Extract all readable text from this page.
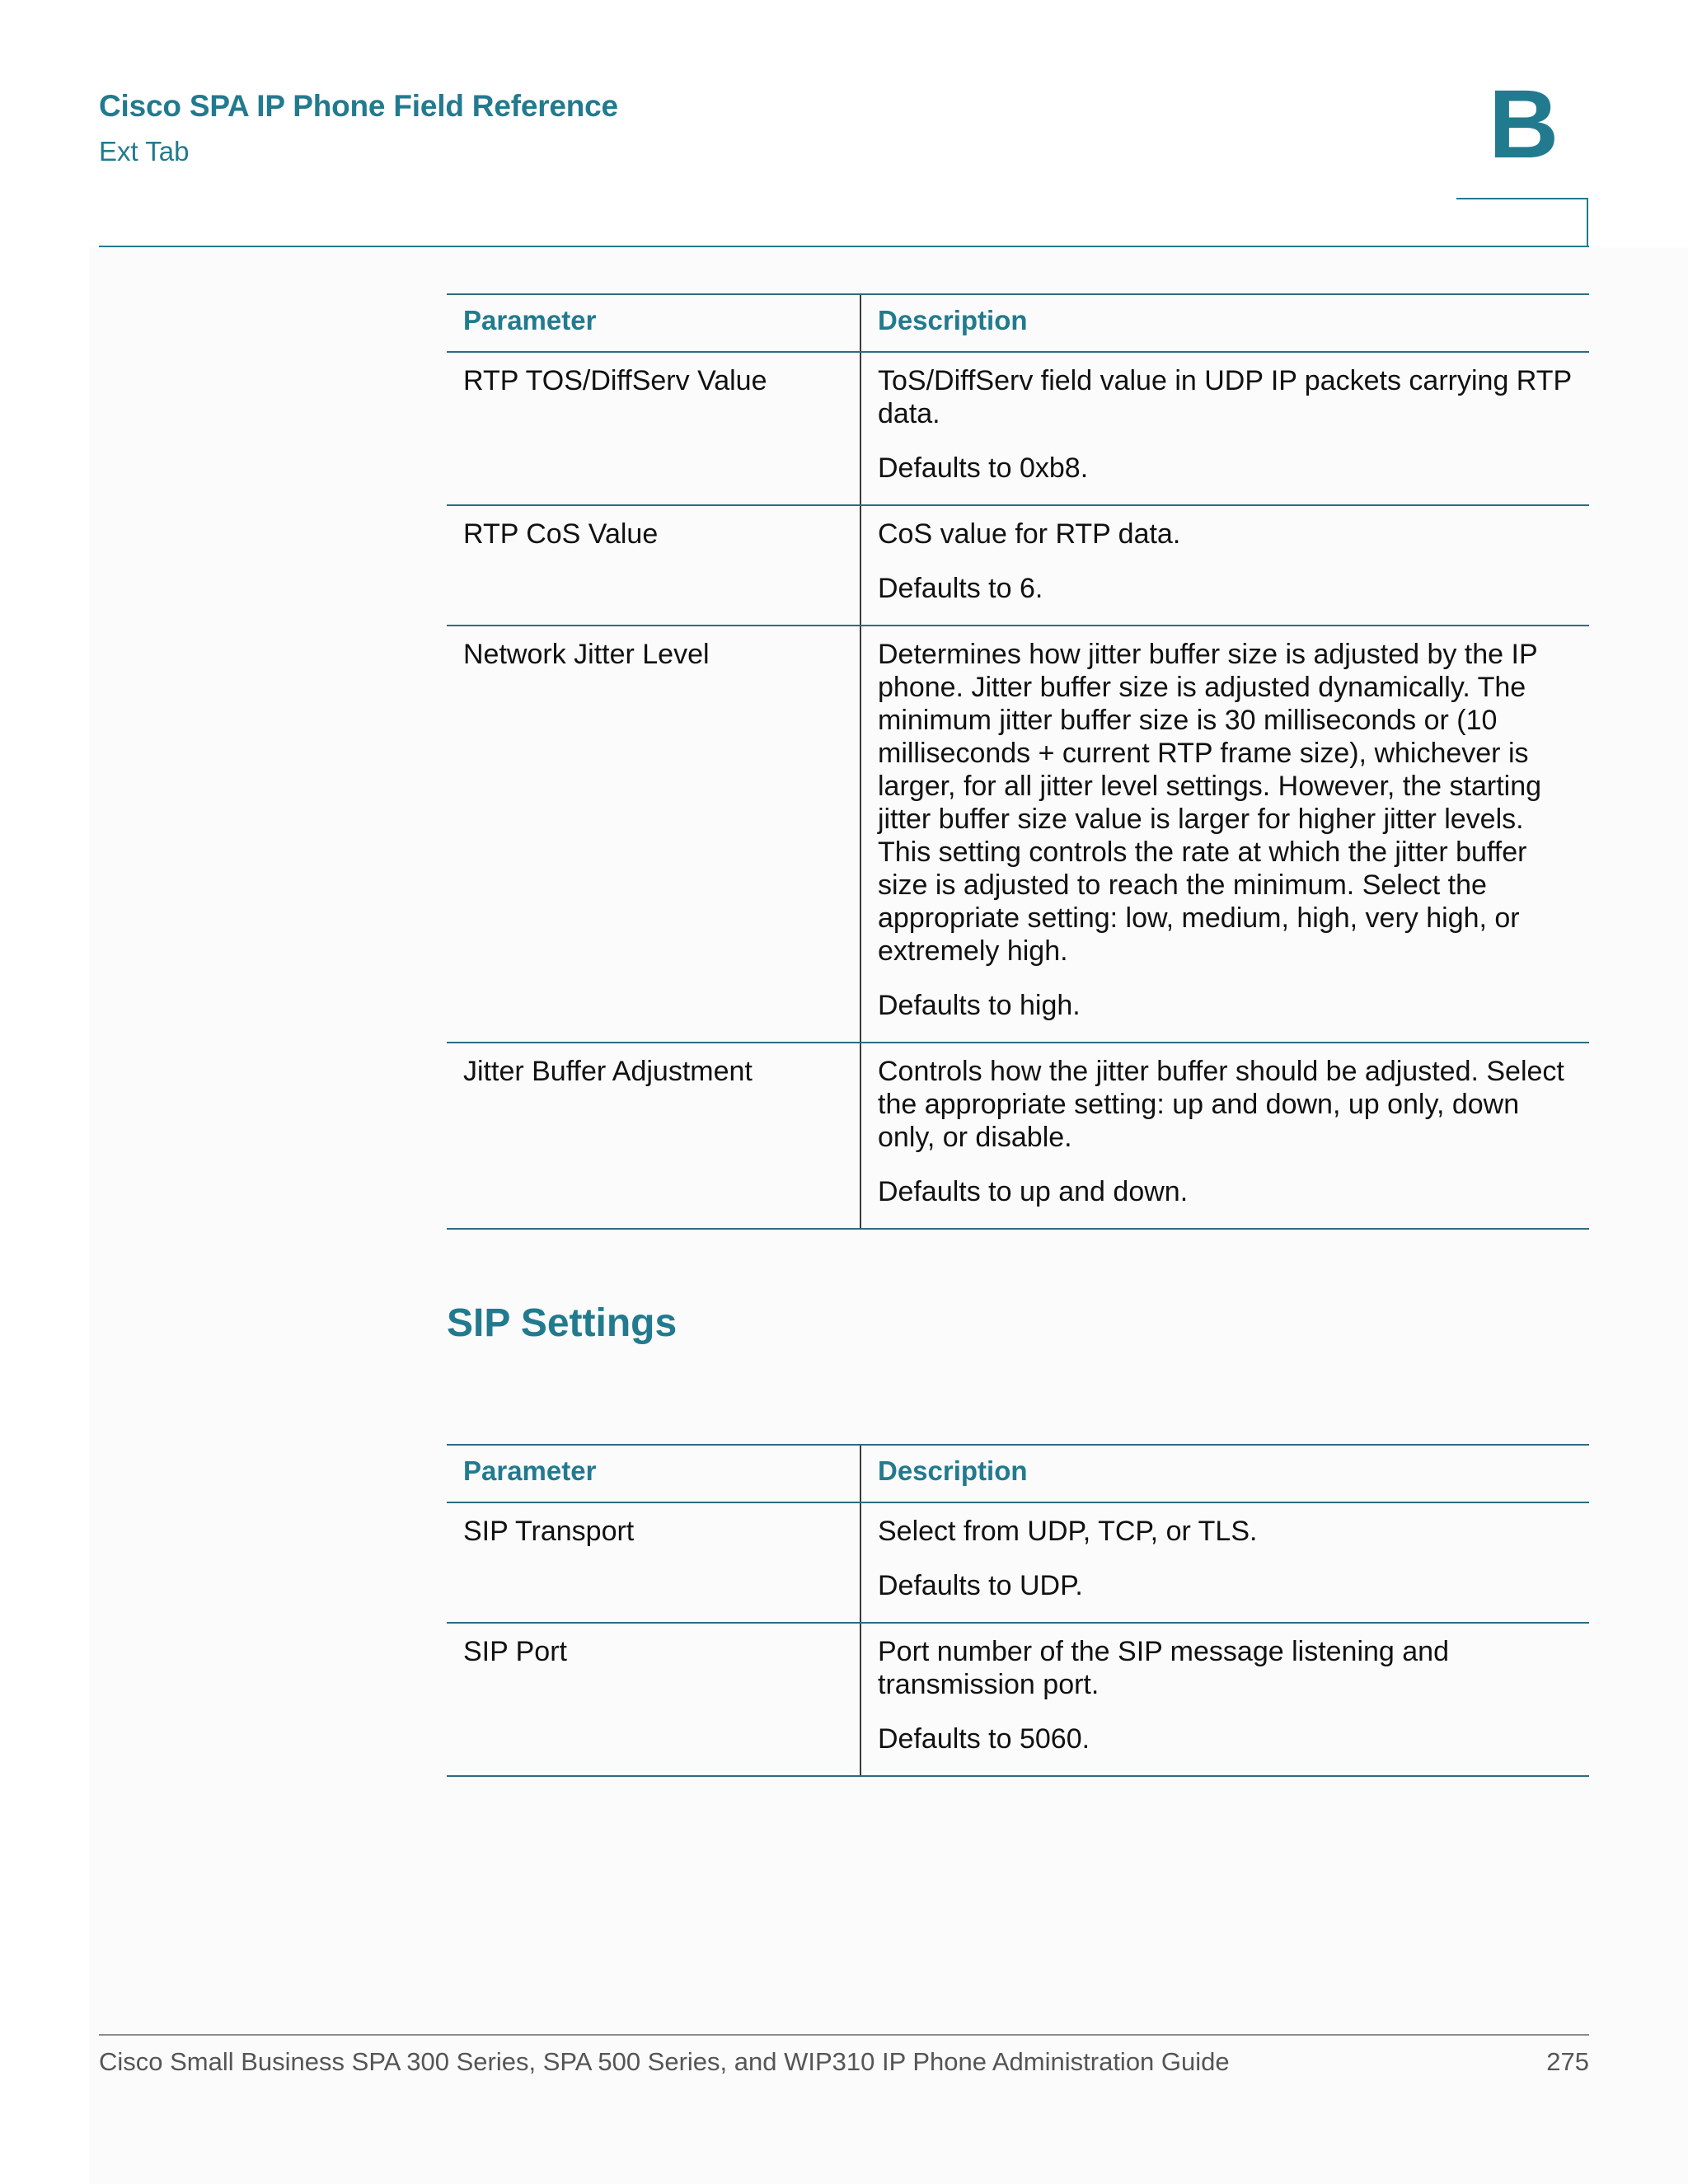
Cisco SPA IP Phone Field Reference
Ext Tab	B
Parameter	Description
RTP TOS/DiffServ Value	ToS/DiffServ field value in UDP IP packets carrying RTP data.

Defaults to 0xb8.

RTP CoS Value	CoS value for RTP data.

Defaults to 6.

Network Jitter Level	Determines how jitter buffer size is adjusted by the IP phone. Jitter buffer size is adjusted dynamically. The minimum jitter buffer size is 30 milliseconds or (10 milliseconds + current RTP frame size), whichever is larger, for all jitter level settings. However, the starting jitter buffer size value is larger for higher jitter levels. This setting controls the rate at which the jitter buffer size is adjusted to reach the minimum. Select the appropriate setting: low, medium, high, very high, or extremely high.

Defaults to high.

Jitter Buffer Adjustment	Controls how the jitter buffer should be adjusted. Select the appropriate setting: up and down, up only, down only, or disable.

Defaults to up and down.

SIP Settings
Parameter	Description
SIP Transport	Select from UDP, TCP, or TLS.

Defaults to UDP.

SIP Port	Port number of the SIP message listening and transmission port.

Defaults to 5060.

Cisco Small Business SPA 300 Series, SPA 500 Series, and WIP310 IP Phone Administration Guide	275
